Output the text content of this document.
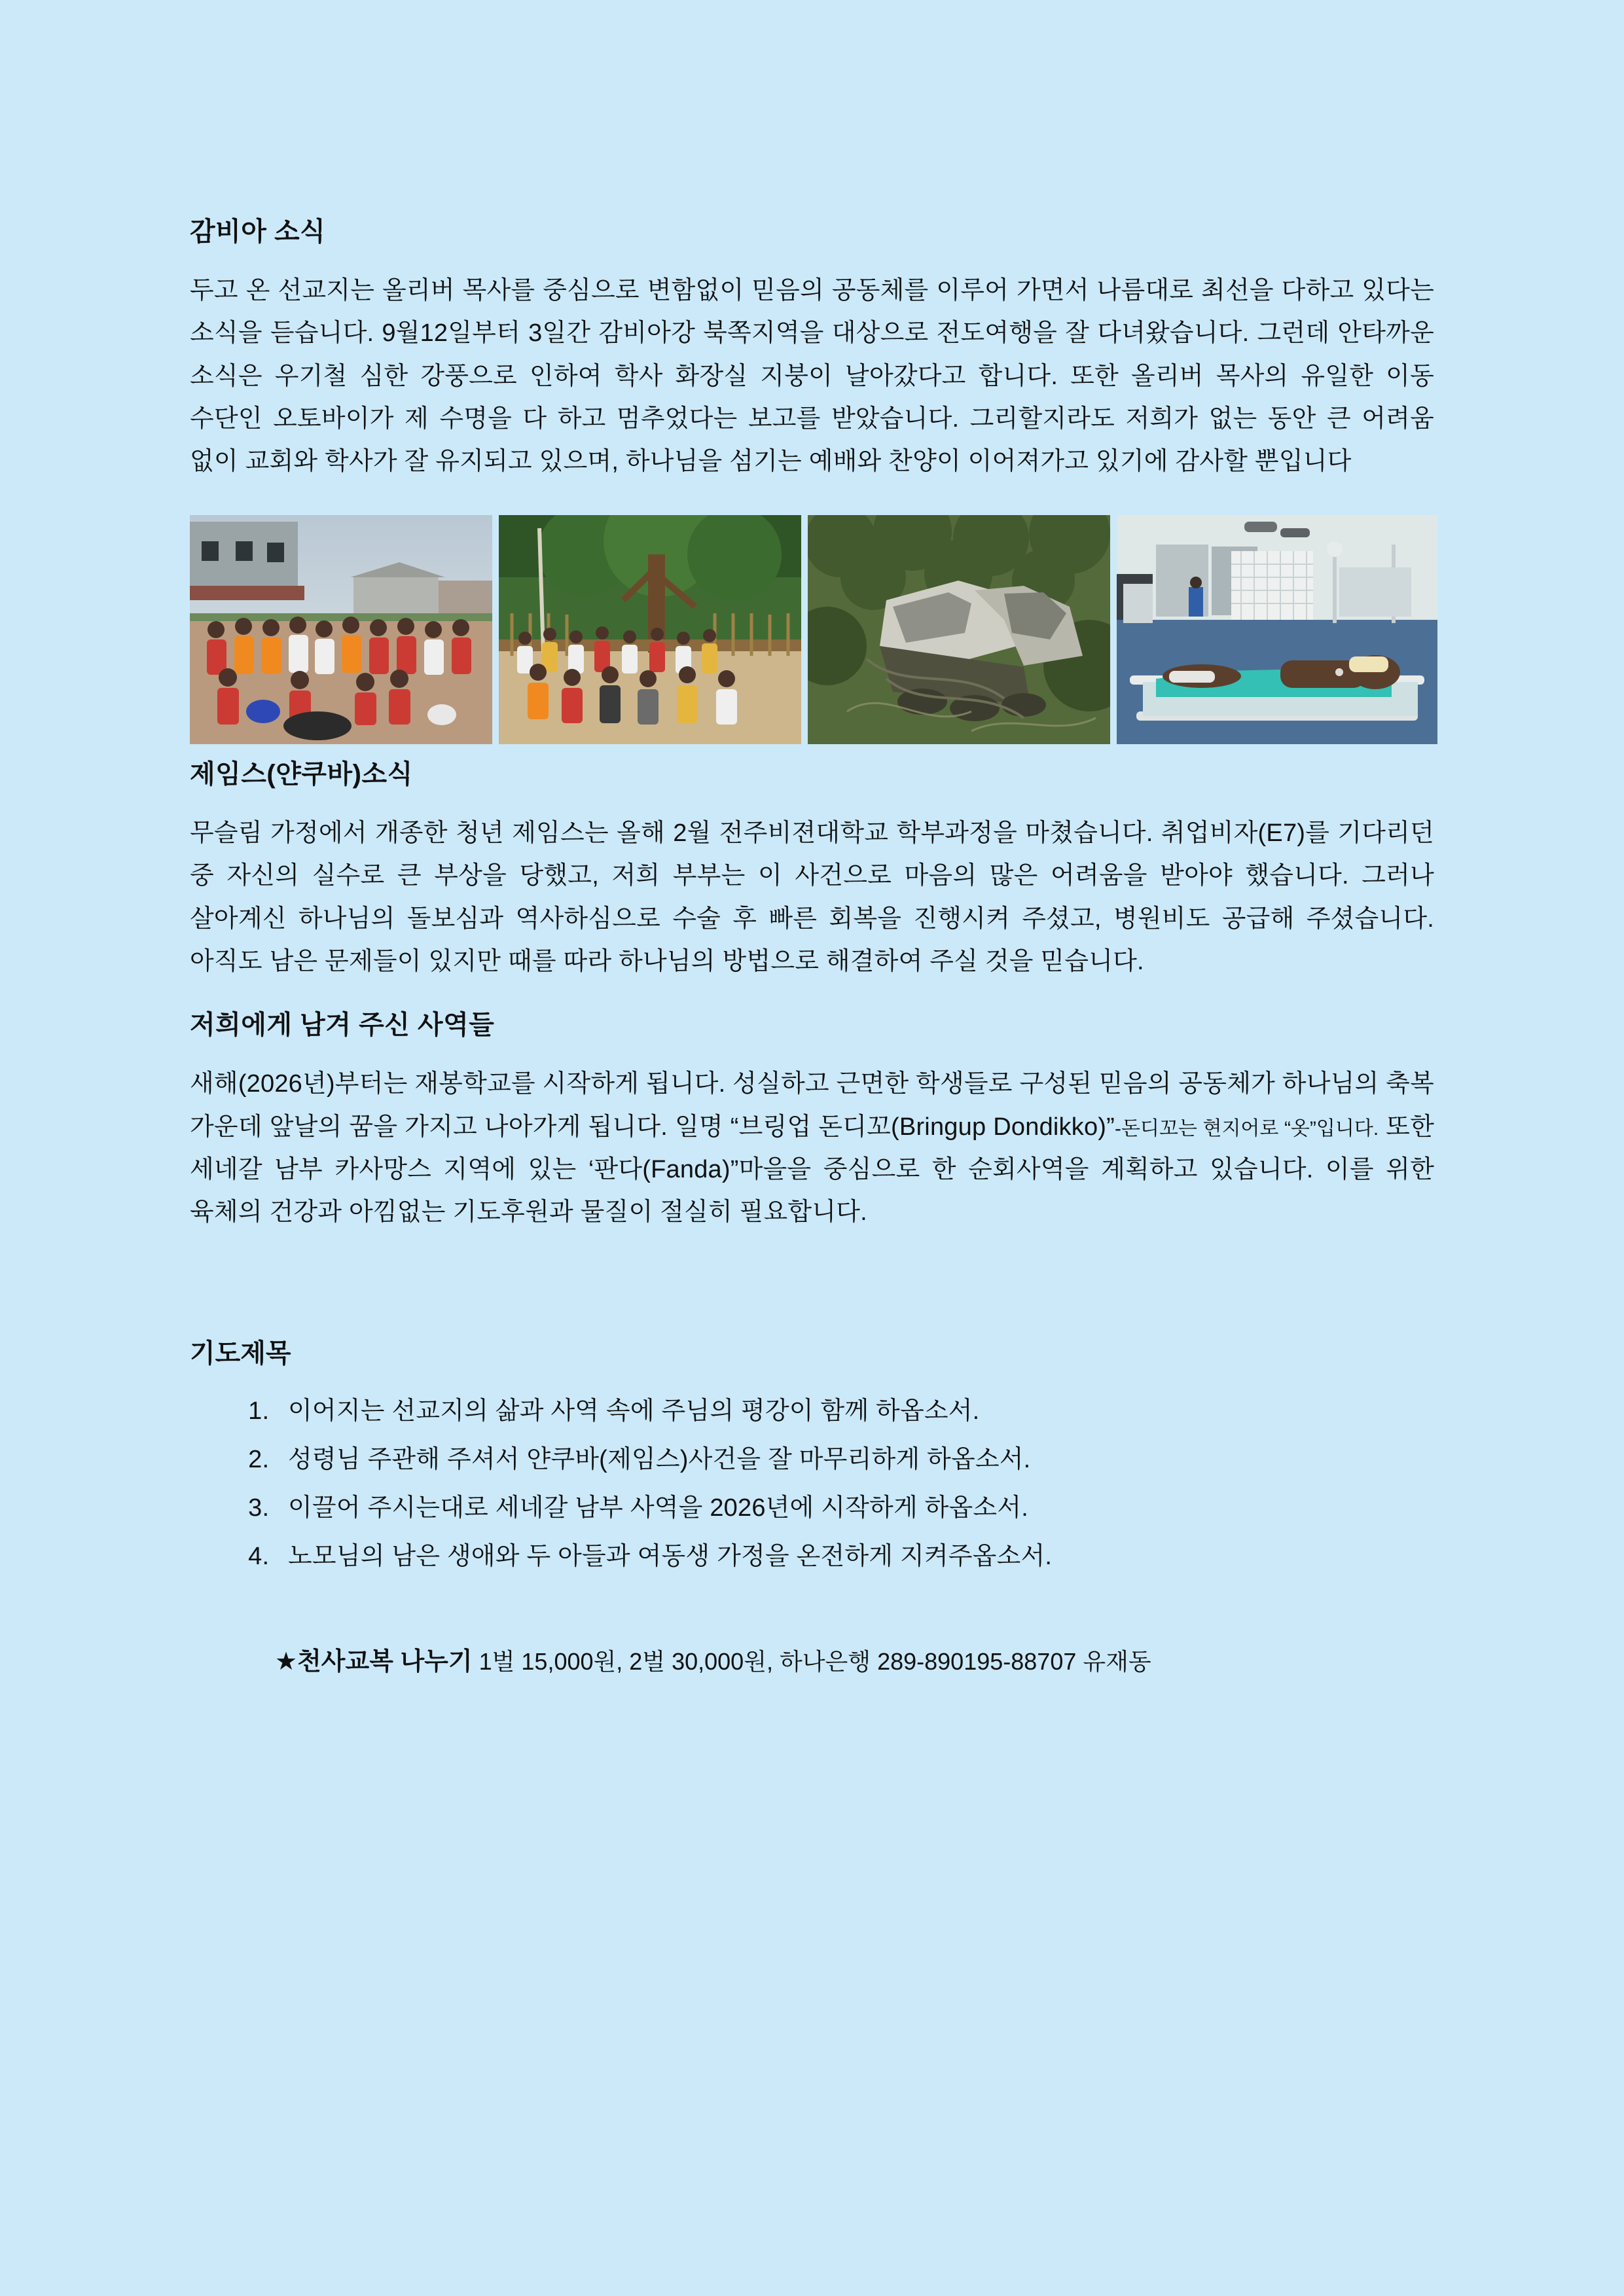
감비아 소식

두고 온 선교지는 올리버 목사를 중심으로 변함없이 믿음의 공동체를 이루어 가면서 나름대로 최선을 다하고 있다는 소식을 듣습니다. 9월12일부터 3일간 감비아강 북쪽지역을 대상으로 전도여행을 잘 다녀왔습니다. 그런데 안타까운 소식은 우기철 심한 강풍으로 인하여 학사 화장실 지붕이 날아갔다고 합니다. 또한 올리버 목사의 유일한 이동 수단인 오토바이가 제 수명을 다 하고 멈추었다는 보고를 받았습니다. 그리할지라도 저희가 없는 동안 큰 어려움 없이 교회와 학사가 잘 유지되고 있으며, 하나님을 섬기는 예배와 찬양이 이어져가고 있기에 감사할 뿐입니다

제임스(얀쿠바)소식

무슬림 가정에서 개종한 청년 제임스는 올해 2월 전주비젼대학교 학부과정을 마쳤습니다. 취업비자(E7)를 기다리던 중 자신의 실수로 큰 부상을 당했고, 저희 부부는 이 사건으로 마음의 많은 어려움을 받아야 했습니다. 그러나 살아계신 하나님의 돌보심과 역사하심으로 수술 후 빠른 회복을 진행시켜 주셨고, 병원비도 공급해 주셨습니다. 아직도 남은 문제들이 있지만 때를 따라 하나님의 방법으로 해결하여 주실 것을 믿습니다.

저희에게 남겨 주신 사역들

새해(2026년)부터는 재봉학교를 시작하게 됩니다. 성실하고 근면한 학생들로 구성된 믿음의 공동체가 하나님의 축복 가운데 앞날의 꿈을 가지고 나아가게 됩니다. 일명 “브링업 돈디꼬(Bringup Dondikko)”-돈디꼬는 현지어로 “옷”입니다. 또한 세네갈 남부 카사망스 지역에 있는 ‘판다(Fanda)”마을을 중심으로 한 순회사역을 계획하고 있습니다. 이를 위한 육체의 건강과 아낌없는 기도후원과 물질이 절실히 필요합니다.

기도제목
1. 이어지는 선교지의 삶과 사역 속에 주님의 평강이 함께 하옵소서.
2. 성령님 주관해 주셔서 얀쿠바(제임스)사건을 잘 마무리하게 하옵소서.
3. 이끌어 주시는대로 세네갈 남부 사역을 2026년에 시작하게 하옵소서.
4. 노모님의 남은 생애와 두 아들과 여동생 가정을 온전하게 지켜주옵소서.

★천사교복 나누기 1벌 15,000원, 2벌 30,000원, 하나은행 289-890195-88707 유재동
